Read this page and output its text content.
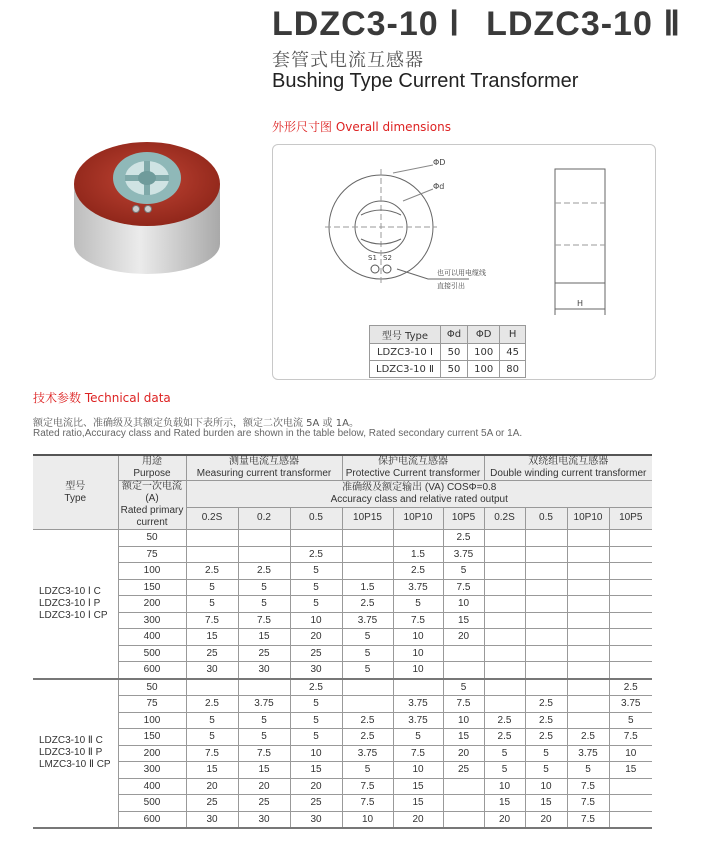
LDZC3-10 Ⅰ LDZC3-10 Ⅱ
套管式电流互感器
Bushing Type Current Transformer
外形尺寸图 Overall dimensions
ΦD
Φd
S1 S2
也可以用电缆线
直接引出
H
型号 Type	Φd	ΦD	H
LDZC3-10 Ⅰ	50	100	45
LDZC3-10 Ⅱ	50	100	80
技术参数 Technical data
额定电流比、准确级及其额定负载如下表所示，额定二次电流 5A 或 1A。
Rated ratio,Accuracy class and Rated burden are shown in the table below, Rated secondary current 5A or 1A.
型号
Type	用途
Purpose	测量电流互感器
Measuring current transformer			保护电流互感器
Protective Current transformer			双绕组电流互感器
Double winding current transformer			
	额定一次电流
(A)
Rated primary
current	准确级及额定输出 (VA) COSΦ=0.8
Accuracy class and relative rated output									
		0.2S	0.2	0.5	10P15	10P10	10P5	0.2S	0.5	10P10	10P5
LDZC3-10 Ⅰ C
LDZC3-10 Ⅰ P
LDZC3-10 Ⅰ CP	50						2.5				
	75			2.5		1.5	3.75				
	100	2.5	2.5	5		2.5	5				
	150	5	5	5	1.5	3.75	7.5				
	200	5	5	5	2.5	5	10				
	300	7.5	7.5	10	3.75	7.5	15				
	400	15	15	20	5	10	20				
	500	25	25	25	5	10					
	600	30	30	30	5	10					
LDZC3-10 Ⅱ C
LDZC3-10 Ⅱ P
LMZC3-10 Ⅱ CP	50			2.5			5				2.5
	75	2.5	3.75	5		3.75	7.5		2.5		3.75
	100	5	5	5	2.5	3.75	10	2.5	2.5		5
	150	5	5	5	2.5	5	15	2.5	2.5	2.5	7.5
	200	7.5	7.5	10	3.75	7.5	20	5	5	3.75	10
	300	15	15	15	5	10	25	5	5	5	15
	400	20	20	20	7.5	15		10	10	7.5	
	500	25	25	25	7.5	15		15	15	7.5	
	600	30	30	30	10	20		20	20	7.5	
